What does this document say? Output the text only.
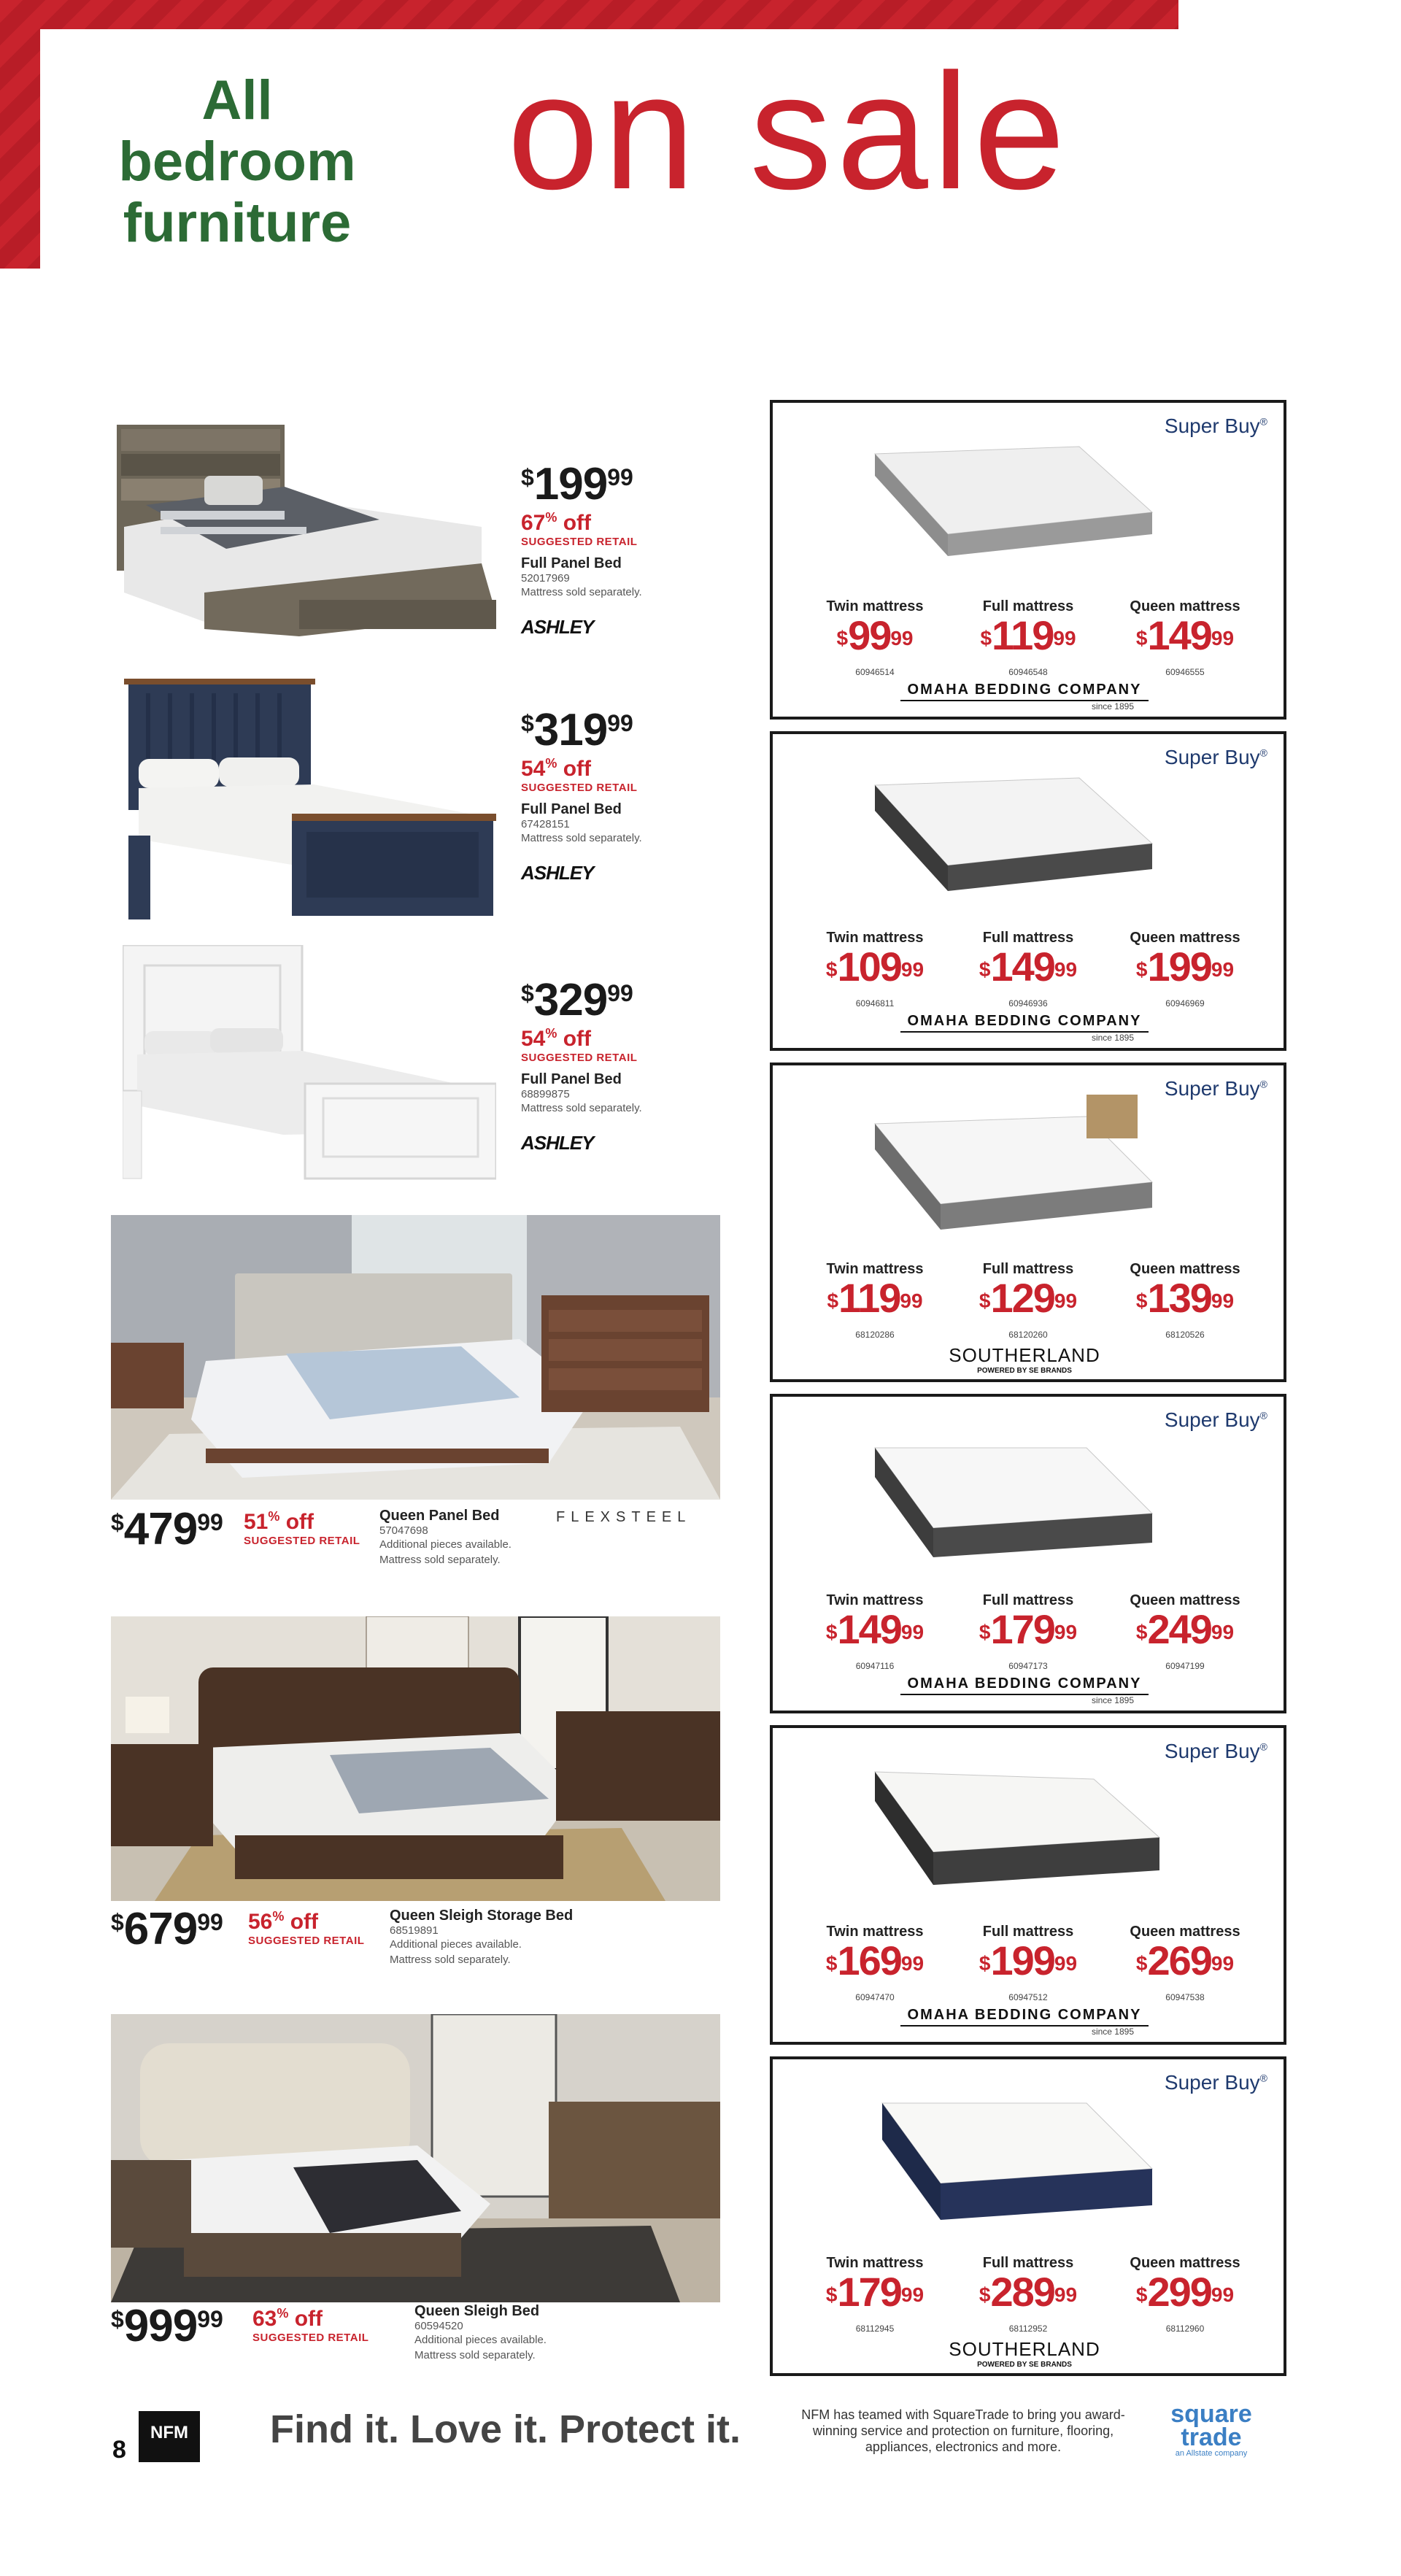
All bedroom
furniture on sale
$19999
67% off
SUGGESTED RETAIL
Full Panel Bed
52017969
Mattress sold separately.
ASHLEY
$31999
54% off
SUGGESTED RETAIL
Full Panel Bed
67428151
Mattress sold separately.
ASHLEY
$32999
54% off
SUGGESTED RETAIL
Full Panel Bed
68899875
Mattress sold separately.
ASHLEY
$47999 51% off
SUGGESTED RETAIL
Queen Panel Bed
57047698
Additional pieces available.
Mattress sold separately.
FLEXSTEEL
$67999 56% off
SUGGESTED RETAIL
Queen Sleigh Storage Bed
68519891
Additional pieces available.
Mattress sold separately.
$99999 63% off
SUGGESTED RETAIL
Queen Sleigh Bed
60594520
Additional pieces available.
Mattress sold separately.
Super Buy®
Twin mattress
$9999
60946514
Full mattress
$11999
60946548
Queen mattress
$14999
60946555
OMAHA BEDDING COMPANY
since 1895
Super Buy®
Twin mattress
$10999
60946811
Full mattress
$14999
60946936
Queen mattress
$19999
60946969
OMAHA BEDDING COMPANY
since 1895
Super Buy®
Twin mattress
$11999
68120286
Full mattress
$12999
68120260
Queen mattress
$13999
68120526
SOUTHERLAND
POWERED BY SE BRANDS
Super Buy®
Twin mattress
$14999
60947116
Full mattress
$17999
60947173
Queen mattress
$24999
60947199
OMAHA BEDDING COMPANY
since 1895
Super Buy®
Twin mattress
$16999
60947470
Full mattress
$19999
60947512
Queen mattress
$26999
60947538
OMAHA BEDDING COMPANY
since 1895
Super Buy®
Twin mattress
$17999
68112945
Full mattress
$28999
68112952
Queen mattress
$29999
68112960
SOUTHERLAND
POWERED BY SE BRANDS
8
NFM Find it. Love it. Protect it.	NFM has teamed with SquareTrade to bring you award-winning service and protection on furniture, flooring, appliances, electronics and more.
square
trade
an Allstate company
